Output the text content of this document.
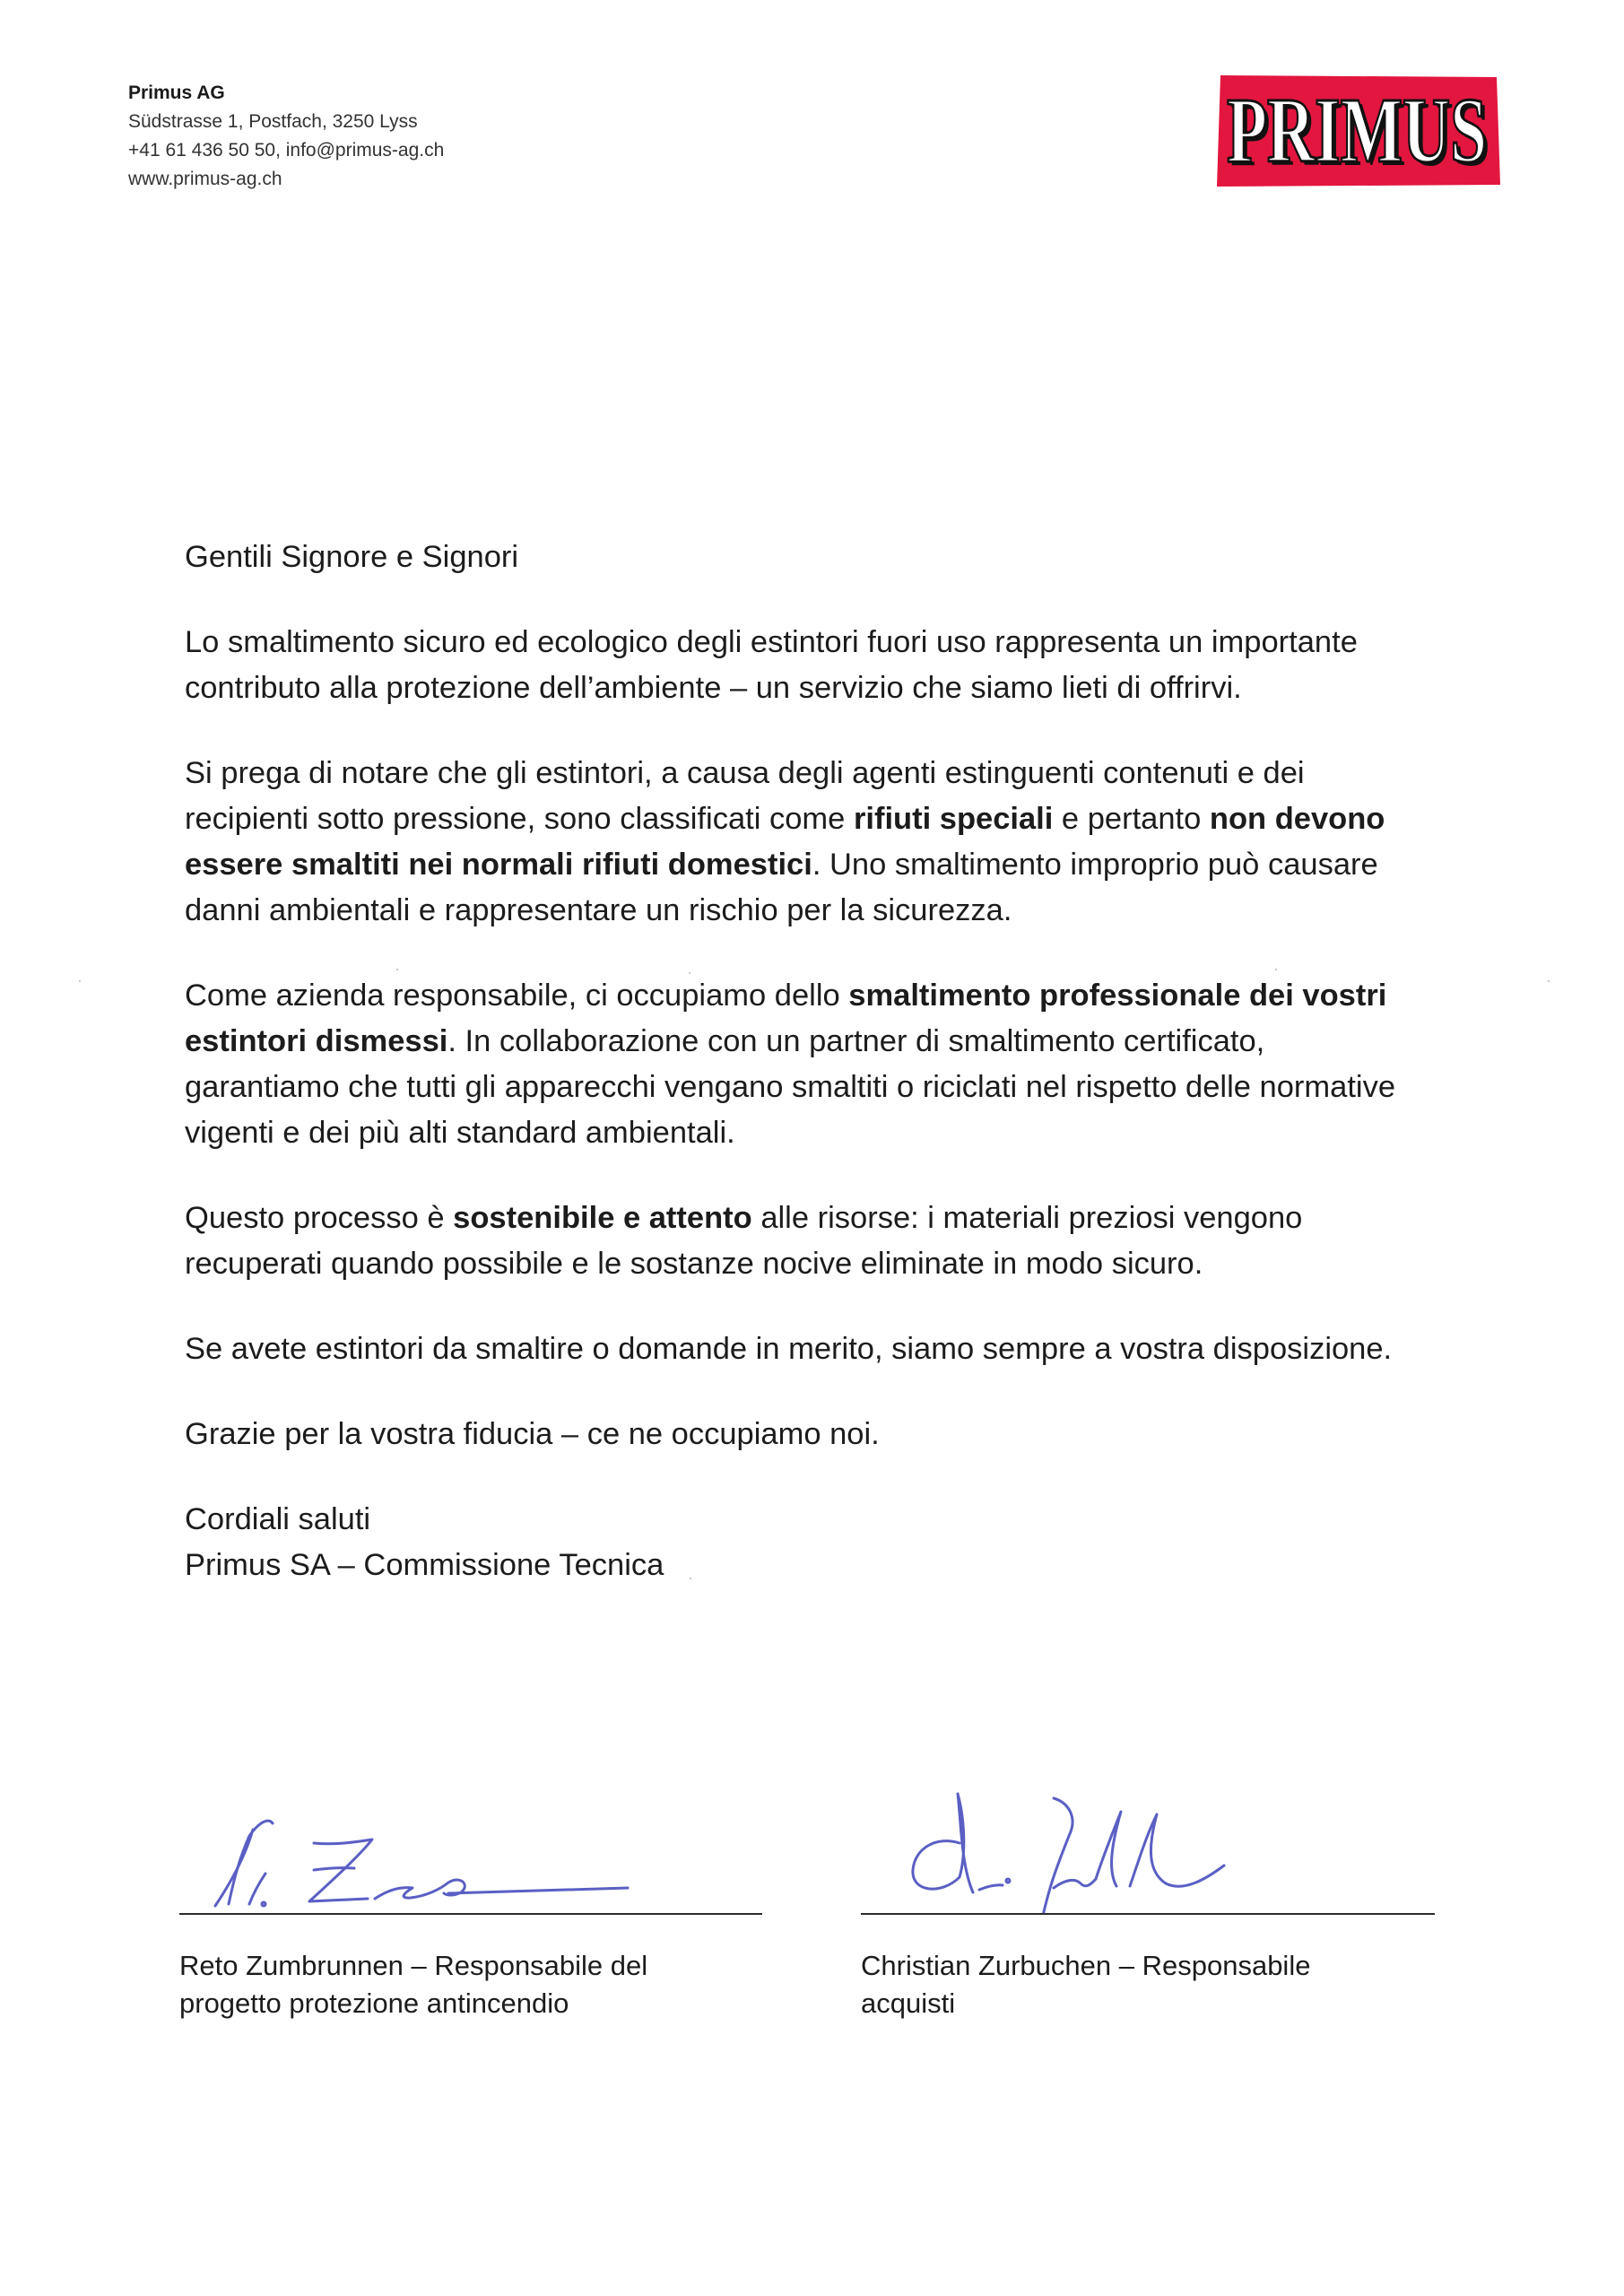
Primus AG
Südstrasse 1, Postfach, 3250 Lyss
+41 61 436 50 50, info@primus-ag.ch
www.primus-ag.ch	PRIMUS
PRIMUS

Gentili Signore e Signori

Lo smaltimento sicuro ed ecologico degli estintori fuori uso rappresenta un importante
contributo alla protezione dell’ambiente – un servizio che siamo lieti di offrirvi.

Si prega di notare che gli estintori, a causa degli agenti estinguenti contenuti e dei
recipienti sotto pressione, sono classificati come rifiuti speciali e pertanto non devono
essere smaltiti nei normali rifiuti domestici. Uno smaltimento improprio può causare
danni ambientali e rappresentare un rischio per la sicurezza.

Come azienda responsabile, ci occupiamo dello smaltimento professionale dei vostri
estintori dismessi. In collaborazione con un partner di smaltimento certificato,
garantiamo che tutti gli apparecchi vengano smaltiti o riciclati nel rispetto delle normative
vigenti e dei più alti standard ambientali.

Questo processo è sostenibile e attento alle risorse: i materiali preziosi vengono
recuperati quando possibile e le sostanze nocive eliminate in modo sicuro.

Se avete estintori da smaltire o domande in merito, siamo sempre a vostra disposizione.

Grazie per la vostra fiducia – ce ne occupiamo noi.

Cordiali saluti

Primus SA – Commissione Tecnica

Reto Zumbrunnen – Responsabile del
progetto protezione antincendio
Christian Zurbuchen – Responsabile
acquisti
